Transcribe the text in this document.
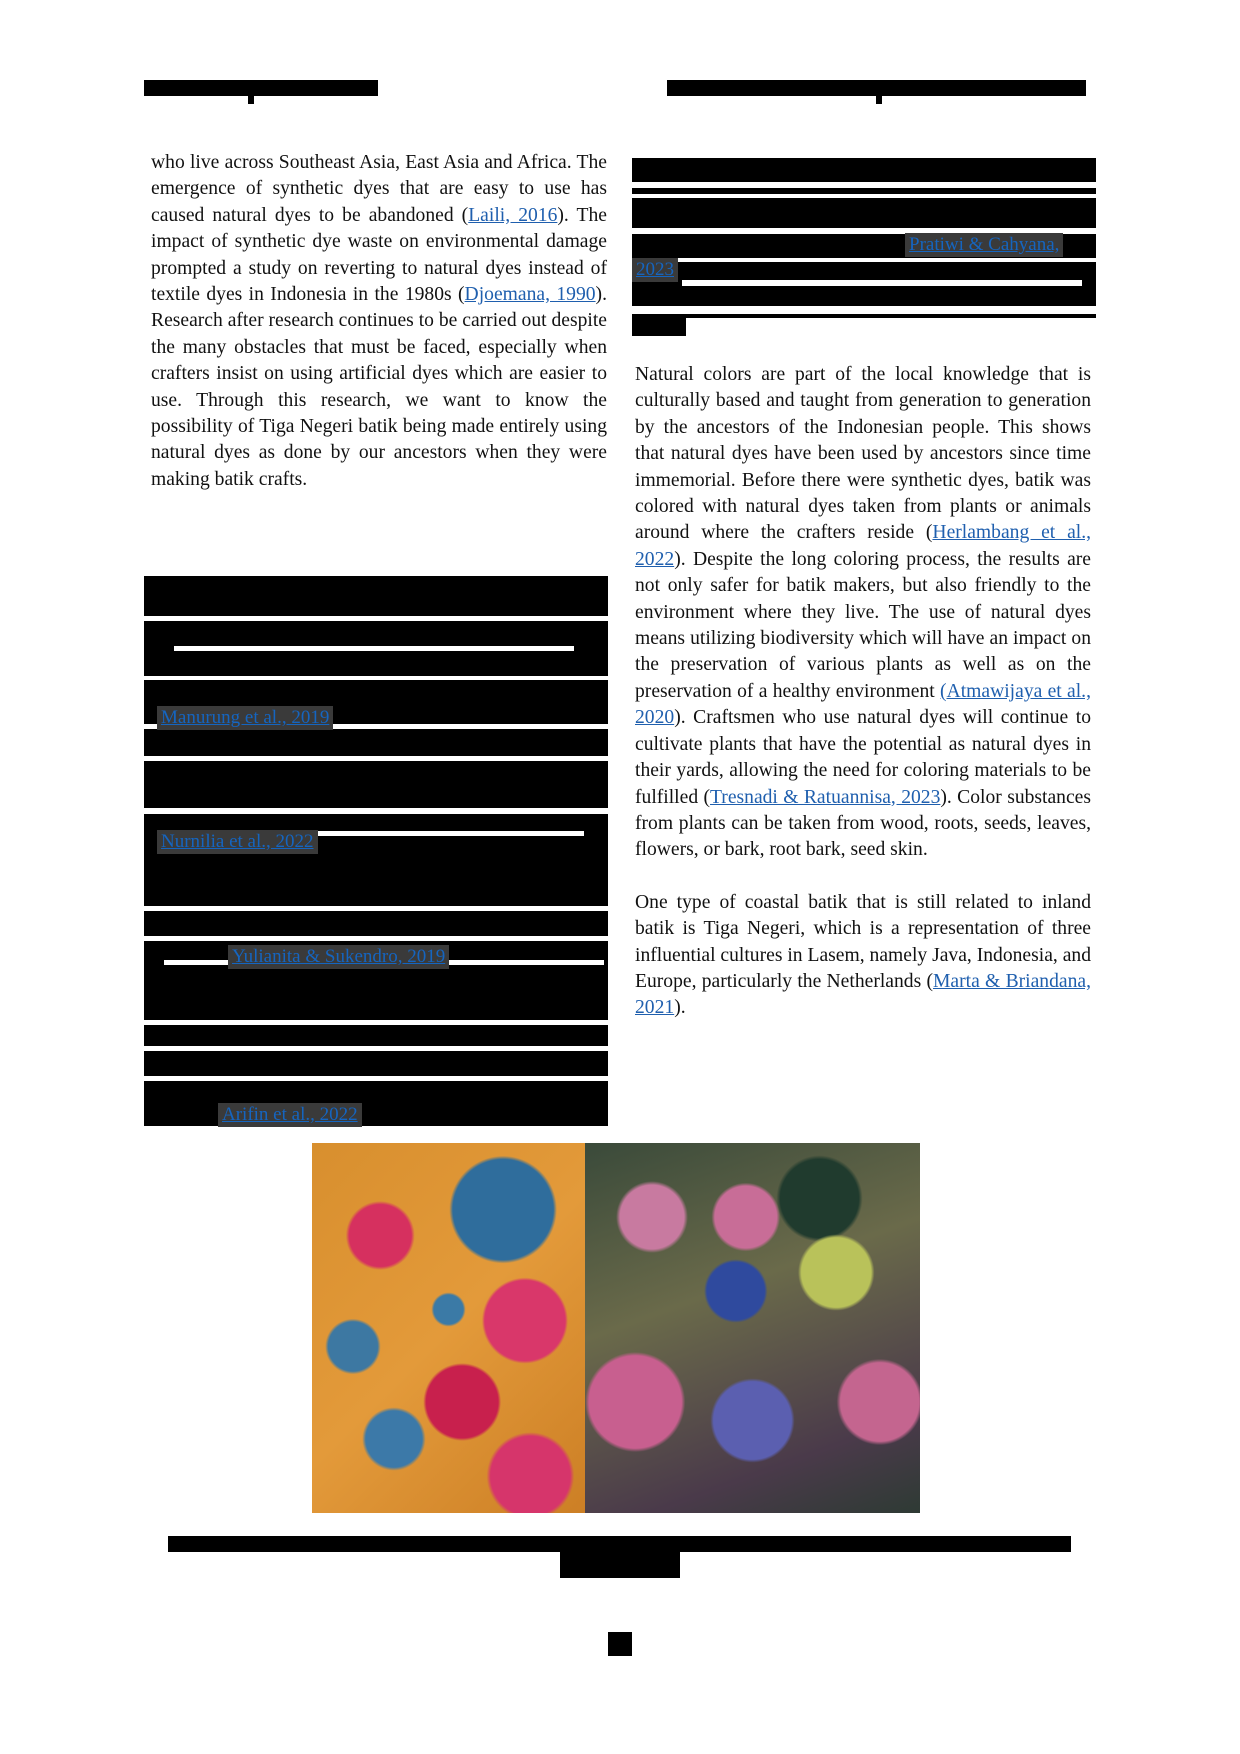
who live across Southeast Asia, East Asia and Africa. The emergence of synthetic dyes that are easy to use has caused natural dyes to be abandoned (Laili, 2016). The impact of synthetic dye waste on environmental damage prompted a study on reverting to natural dyes instead of textile dyes in Indonesia in the 1980s (Djoemana, 1990). Research after research continues to be carried out despite the many obstacles that must be faced, especially when crafters insist on using artificial dyes which are easier to use. Through this research, we want to know the possibility of Tiga Negeri batik being made entirely using natural dyes as done by our ancestors when they were making batik crafts.

Manurung et al., 2019
Nurnilia et al., 2022
Yulianita & Sukendro, 2019
Arifin et al., 2022
Pratiwi & Cahyana,
2023

Natural colors are part of the local knowledge that is culturally based and taught from generation to generation by the ancestors of the Indonesian people. This shows that natural dyes have been used by ancestors since time immemorial. Before there were synthetic dyes, batik was colored with natural dyes taken from plants or animals around where the crafters reside (Herlambang et al., 2022). Despite the long coloring process, the results are not only safer for batik makers, but also friendly to the environment where they live. The use of natural dyes means utilizing biodiversity which will have an impact on the preservation of various plants as well as on the preservation of a healthy environment (Atmawijaya et al., 2020). Craftsmen who use natural dyes will continue to cultivate plants that have the potential as natural dyes in their yards, allowing the need for coloring materials to be fulfilled (Tresnadi & Ratuannisa, 2023). Color substances from plants can be taken from wood, roots, seeds, leaves, flowers, or bark, root bark, seed skin.

One type of coastal batik that is still related to inland batik is Tiga Negeri, which is a representation of three influential cultures in Lasem, namely Java, Indonesia, and Europe, particularly the Netherlands (Marta & Briandana, 2021).
